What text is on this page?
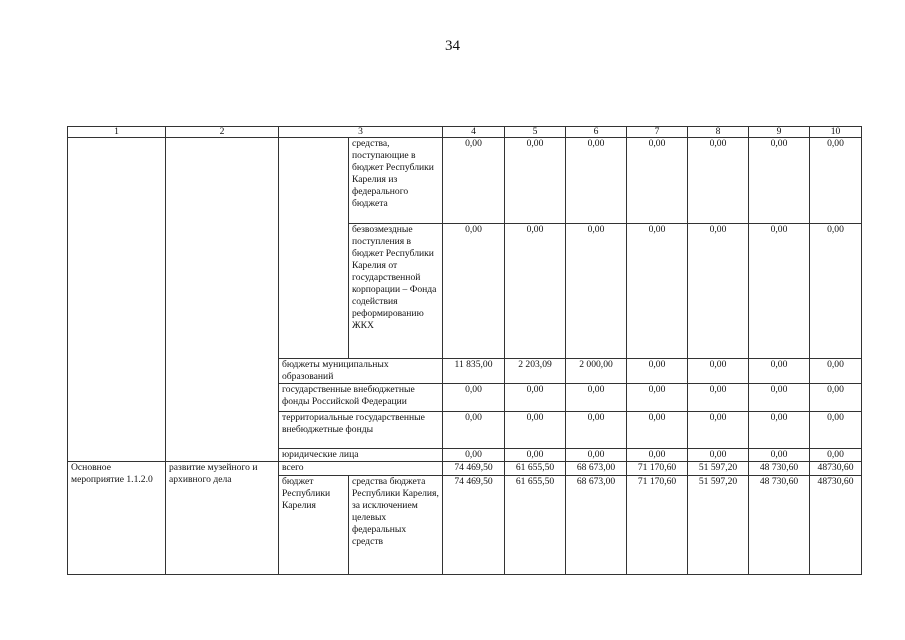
34
1	2	3		4	5	6	7	8	9	10
			средства, поступающие в бюджет Республики Карелия из федерального бюджета	0,00	0,00	0,00	0,00	0,00	0,00	0,00
			безвозмездные поступления в бюджет Республики Карелия от государственной корпорации – Фонда содействия реформированию ЖКХ	0,00	0,00	0,00	0,00	0,00	0,00	0,00
		бюджеты муниципальных образований		11 835,00	2 203,09	2 000,00	0,00	0,00	0,00	0,00
		государственные внебюджетные фонды Российской Федерации		0,00	0,00	0,00	0,00	0,00	0,00	0,00
		территориальные государственные внебюджетные фонды		0,00	0,00	0,00	0,00	0,00	0,00	0,00
		юридические лица		0,00	0,00	0,00	0,00	0,00	0,00	0,00
Основное мероприятие 1.1.2.0	развитие музейного и архивного дела	всего		74 469,50	61 655,50	68 673,00	71 170,60	51 597,20	48 730,60	48730,60
		бюджет Республики Карелия	средства бюджета Республики Карелия, за исключением целевых федеральных средств	74 469,50	61 655,50	68 673,00	71 170,60	51 597,20	48 730,60	48730,60
